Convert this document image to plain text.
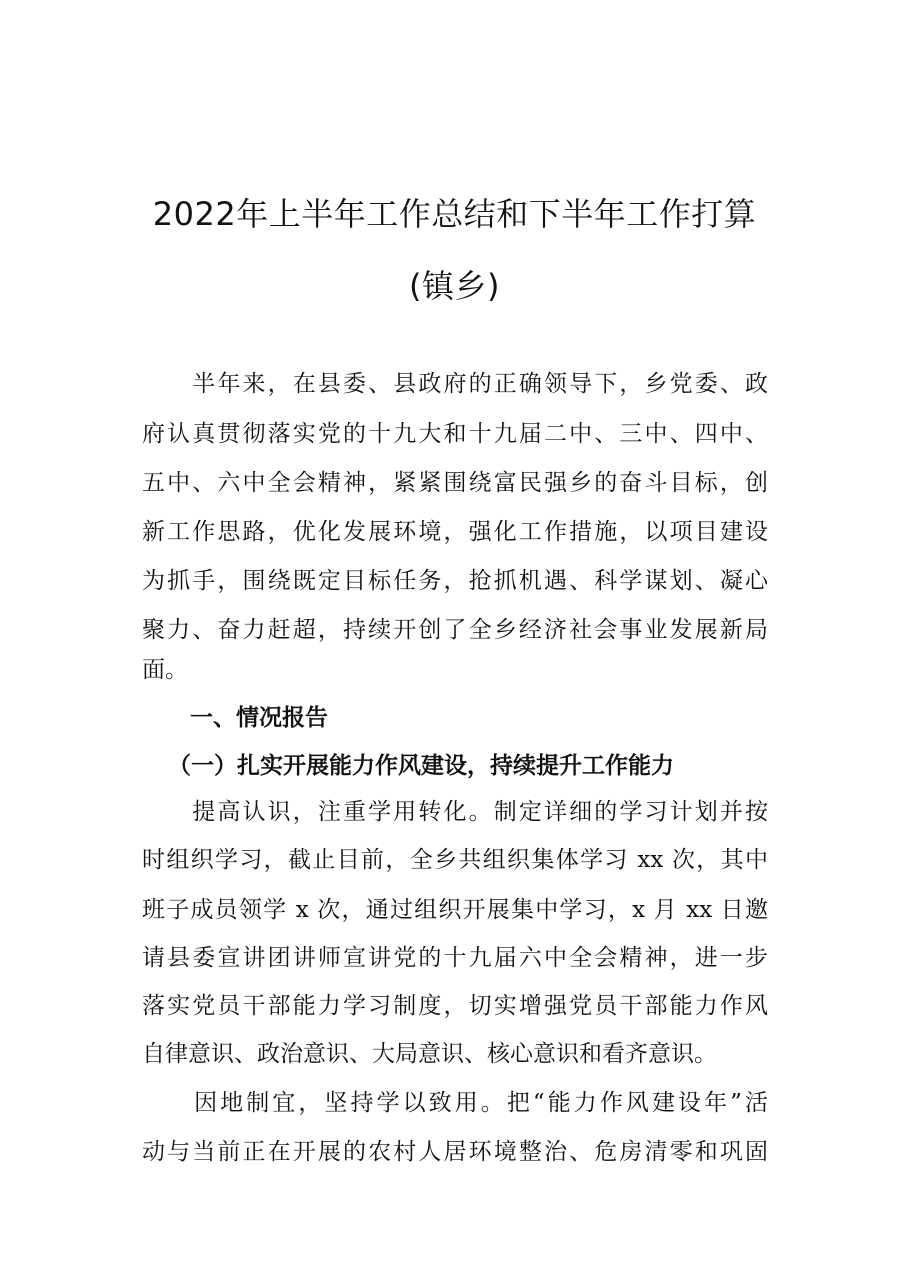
2022年上半年工作总结和下半年工作打算
(镇乡)
　　半年来，在县委、县政府的正确领导下，乡党委、政
府认真贯彻落实党的十九大和十九届二中、三中、四中、
五中、六中全会精神，紧紧围绕富民强乡的奋斗目标，创
新工作思路，优化发展环境，强化工作措施，以项目建设
为抓手，围绕既定目标任务，抢抓机遇、科学谋划、凝心
聚力、奋力赶超，持续开创了全乡经济社会事业发展新局
面。
一、情况报告
（一）扎实开展能力作风建设，持续提升工作能力
　　提高认识，注重学用转化。制定详细的学习计划并按
时组织学习，截止目前，全乡共组织集体学习 xx 次，其中
班子成员领学 x 次，通过组织开展集中学习，x 月 xx 日邀
请县委宣讲团讲师宣讲党的十九届六中全会精神，进一步
落实党员干部能力学习制度，切实增强党员干部能力作风
自律意识、政治意识、大局意识、核心意识和看齐意识。
　　因地制宜，坚持学以致用。把“能力作风建设年”活
动与当前正在开展的农村人居环境整治、危房清零和巩固
